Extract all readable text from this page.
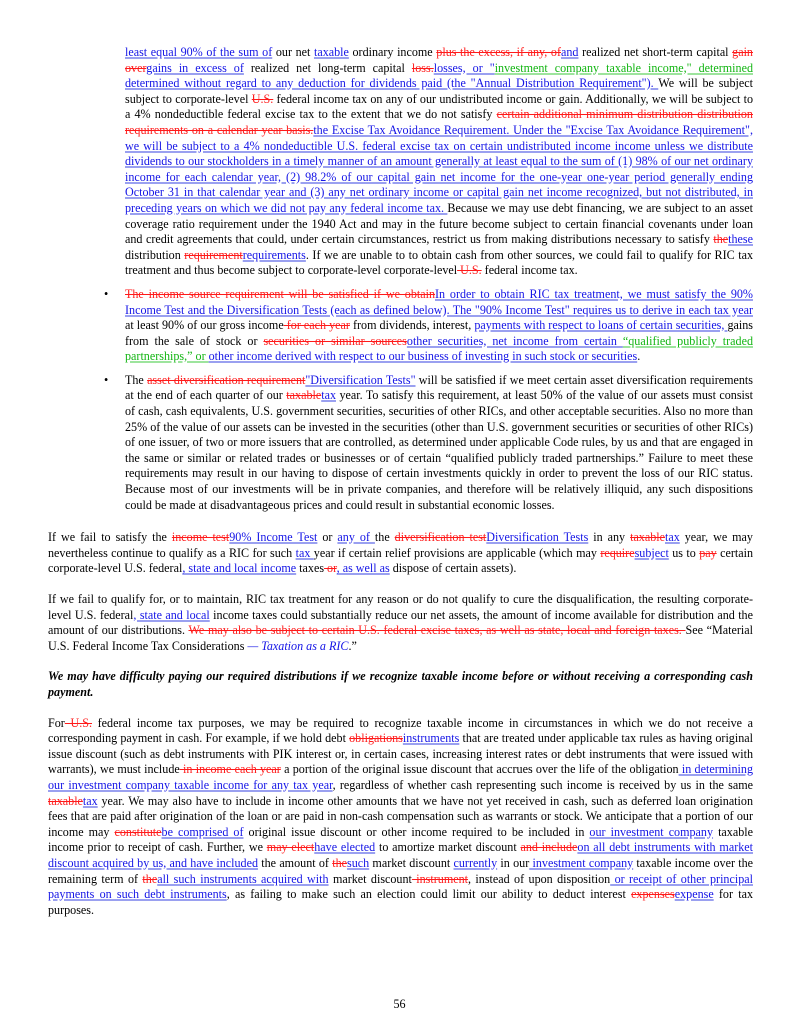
least equal 90% of the sum of our net taxable ordinary income plus the excess, if any, ofand realized net short-term capital gain overgains in excess of realized net long-term capital loss.losses, or "investment company taxable income," determined determined without regard to any deduction for dividends paid (the "Annual Distribution Requirement"). We will be subject subject to corporate-level U.S. federal income tax on any of our undistributed income or gain. Additionally, we will be subject to a 4% nondeductible federal excise tax to the extent that we do not satisfy certain additional minimum distribution distribution requirements on a calendar year basis.the Excise Tax Avoidance Requirement. Under the "Excise Tax Avoidance Requirement", we will be subject to a 4% nondeductible U.S. federal excise tax on certain undistributed income income unless we distribute dividends to our stockholders in a timely manner of an amount generally at least equal to the sum of (1) 98% of our net ordinary income for each calendar year, (2) 98.2% of our capital gain net income for the one-year one-year period generally ending October 31 in that calendar year and (3) any net ordinary income or capital gain net income recognized, but not distributed, in preceding years on which we did not pay any federal income tax. Because we may use debt financing, we are subject to an asset coverage ratio requirement under the 1940 Act and may in the future become subject to certain financial covenants under loan and credit agreements that could, under certain circumstances, restrict us from making distributions necessary to satisfy thethese distribution requirementrequirements. If we are unable to to obtain cash from other sources, we could fail to qualify for RIC tax treatment and thus become subject to corporate-level corporate-level U.S. federal income tax.
• The income source requirement will be satisfied if we obtainIn order to obtain RIC tax treatment, we must satisfy the 90% Income Test and the Diversification Tests (each as defined below). The "90% Income Test" requires us to derive in each tax year at least 90% of our gross income for each year from dividends, interest, payments with respect to loans of certain securities, gains from the sale of stock or securities or similar sourcesother securities, net income from certain “qualified publicly traded partnerships,” or other income derived with respect to our business of investing in such stock or securities.
• The asset diversification requirement"Diversification Tests" will be satisfied if we meet certain asset diversification requirements at the end of each quarter of our taxabletax year. To satisfy this requirement, at least 50% of the value of our assets must consist of cash, cash equivalents, U.S. government securities, securities of other RICs, and other acceptable securities. Also no more than 25% of the value of our assets can be invested in the securities (other than U.S. government securities or securities of other RICs) of one issuer, of two or more issuers that are controlled, as determined under applicable Code rules, by us and that are engaged in the same or similar or related trades or businesses or of certain “qualified publicly traded partnerships.” Failure to meet these requirements may result in our having to dispose of certain investments quickly in order to prevent the loss of our RIC status. Because most of our investments will be in private companies, and therefore will be relatively illiquid, any such dispositions could be made at disadvantageous prices and could result in substantial economic losses.

If we fail to satisfy the income test90% Income Test or any of the diversification testDiversification Tests in any taxabletax year, we may nevertheless continue to qualify as a RIC for such tax year if certain relief provisions are applicable (which may requiresubject us to pay certain corporate-level U.S. federal, state and local income taxes or, as well as dispose of certain assets).

If we fail to qualify for, or to maintain, RIC tax treatment for any reason or do not qualify to cure the disqualification, the resulting corporate-level U.S. federal, state and local income taxes could substantially reduce our net assets, the amount of income available for distribution and the amount of our distributions. We may also be subject to certain U.S. federal excise taxes, as well as state, local and foreign taxes. See “Material U.S. Federal Income Tax Considerations — Taxation as a RIC.”

We may have difficulty paying our required distributions if we recognize taxable income before or without receiving a corresponding cash payment.

For U.S. federal income tax purposes, we may be required to recognize taxable income in circumstances in which we do not receive a corresponding payment in cash. For example, if we hold debt obligationsinstruments that are treated under applicable tax rules as having original issue discount (such as debt instruments with PIK interest or, in certain cases, increasing interest rates or debt instruments that were issued with warrants), we must include in income each year a portion of the original issue discount that accrues over the life of the obligation in determining our investment company taxable income for any tax year, regardless of whether cash representing such income is received by us in the same taxabletax year. We may also have to include in income other amounts that we have not yet received in cash, such as deferred loan origination fees that are paid after origination of the loan or are paid in non-cash compensation such as warrants or stock. We anticipate that a portion of our income may constitutebe comprised of original issue discount or other income required to be included in our investment company taxable income prior to receipt of cash. Further, we may electhave elected to amortize market discount and includeon all debt instruments with market discount acquired by us, and have included the amount of thesuch market discount currently in our investment company taxable income over the remaining term of theall such instruments acquired with market discount instrument, instead of upon disposition or receipt of other principal payments on such debt instruments, as failing to make such an election could limit our ability to deduct interest expensesexpense for tax purposes.

56
